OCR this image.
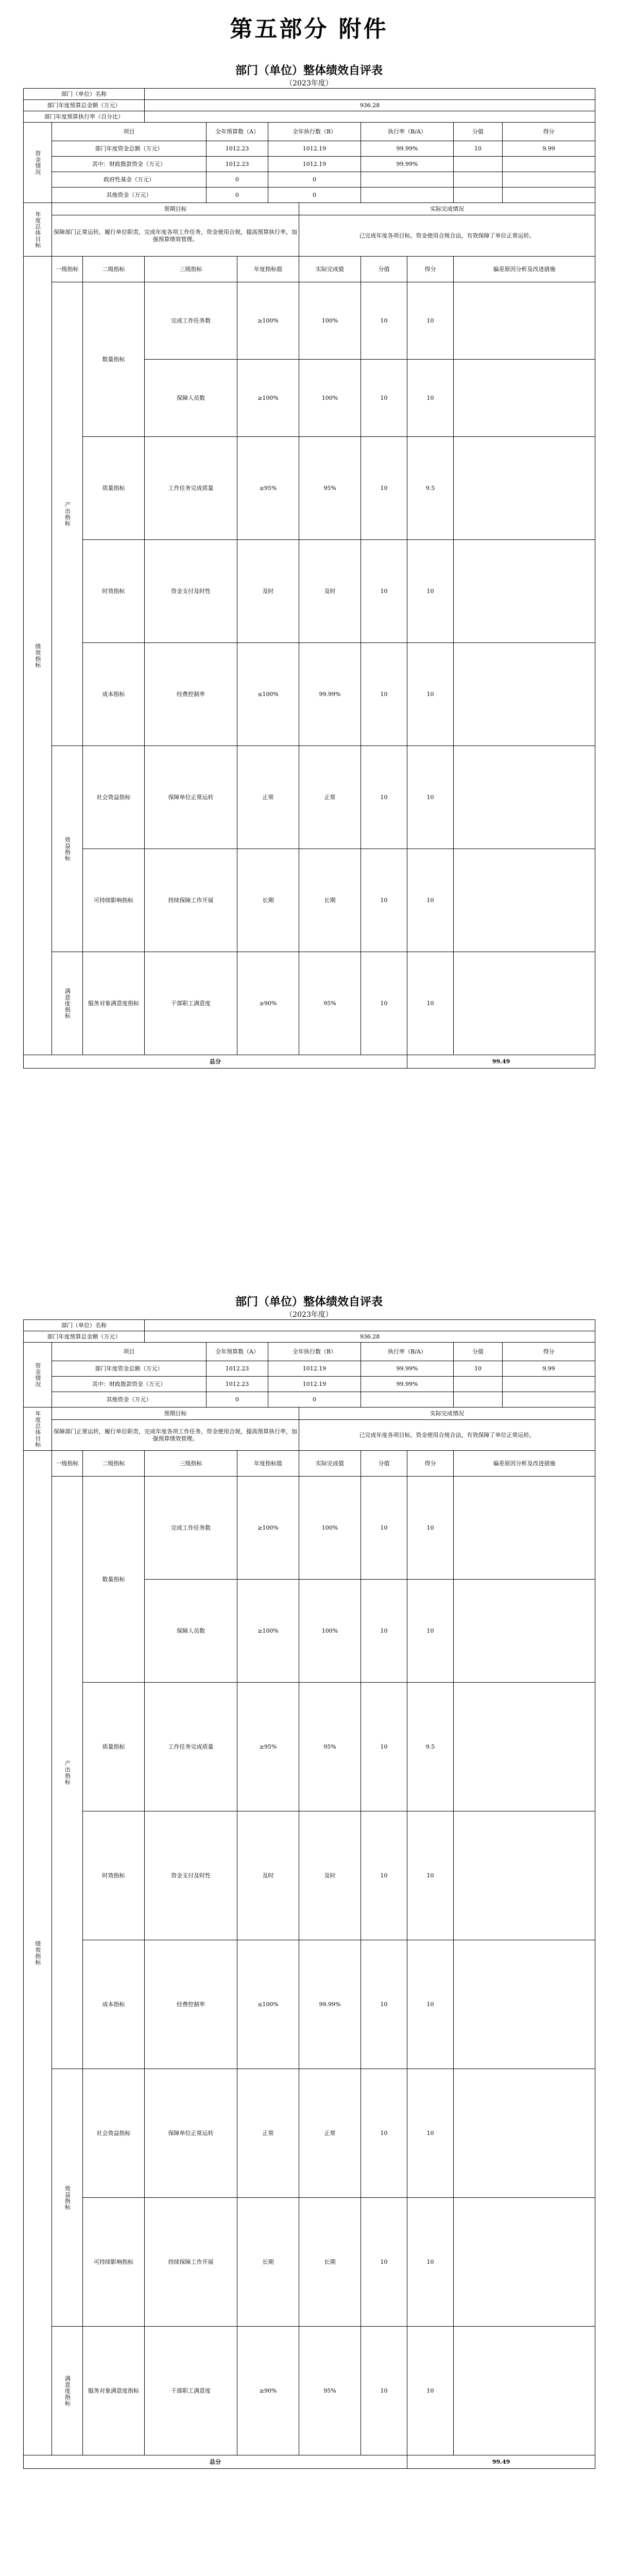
第五部分 附件
部门（单位）整体绩效自评表
（2023年度）
部门（单位）名称											
部门年度预算总金额（万元）			936.28								
部门年度预算执行率（百分比）											
资金情况	项目			全年预算数（A）		全年执行数（B）		执行率（B/A）		分值	得分
	部门年度资金总额（万元）			1012.23		1012.19		99.99%		10	9.99
	其中：财政拨款资金（万元）			1012.23		1012.19		99.99%			
	政府性基金（万元）			0		0					
	其他资金（万元）			0		0					
年度总体目标	预期目标						实际完成情况				
	保障部门正常运转，履行单位职责，完成年度各项工作任务，资金使用合规，提高预算执行率，加强预算绩效管理。						已完成年度各项目标，资金使用合规合法，有效保障了单位正常运转。				
绩效指标	一级指标	二级指标	三级指标		年度指标值		实际完成值	分值	得分	偏差原因分析及改进措施	
	产出指标	数量指标	完成工作任务数		≥100%		100%	10	10		
			保障人员数		≥100%		100%	10	10		
		质量指标	工作任务完成质量		≥95%		95%	10	9.5		
		时效指标	资金支付及时性		及时		及时	10	10		
		成本指标	经费控制率		≤100%		99.99%	10	10		
	效益指标	社会效益指标	保障单位正常运转		正常		正常	10	10		
		可持续影响指标	持续保障工作开展		长期		长期	10	10		
	满意度指标	服务对象满意度指标	干部职工满意度		≥90%		95%	10	10		
总分									99.49		
部门（单位）整体绩效自评表
（2023年度）
部门（单位）名称											
部门年度预算总金额（万元）			936.28								
资金情况	项目			全年预算数（A）		全年执行数（B）		执行率（B/A）		分值	得分
	部门年度资金总额（万元）			1012.23		1012.19		99.99%		10	9.99
	其中：财政拨款资金（万元）			1012.23		1012.19		99.99%			
	其他资金（万元）			0		0					
年度总体目标	预期目标						实际完成情况				
	保障部门正常运转，履行单位职责，完成年度各项工作任务，资金使用合规，提高预算执行率，加强预算绩效管理。						已完成年度各项目标，资金使用合规合法，有效保障了单位正常运转。				
绩效指标	一级指标	二级指标	三级指标		年度指标值		实际完成值	分值	得分	偏差原因分析及改进措施	
	产出指标	数量指标	完成工作任务数		≥100%		100%	10	10		
			保障人员数		≥100%		100%	10	10		
		质量指标	工作任务完成质量		≥95%		95%	10	9.5		
		时效指标	资金支付及时性		及时		及时	10	10		
		成本指标	经费控制率		≤100%		99.99%	10	10		
	效益指标	社会效益指标	保障单位正常运转		正常		正常	10	10		
		可持续影响指标	持续保障工作开展		长期		长期	10	10		
	满意度指标	服务对象满意度指标	干部职工满意度		≥90%		95%	10	10		
总分									99.49		
